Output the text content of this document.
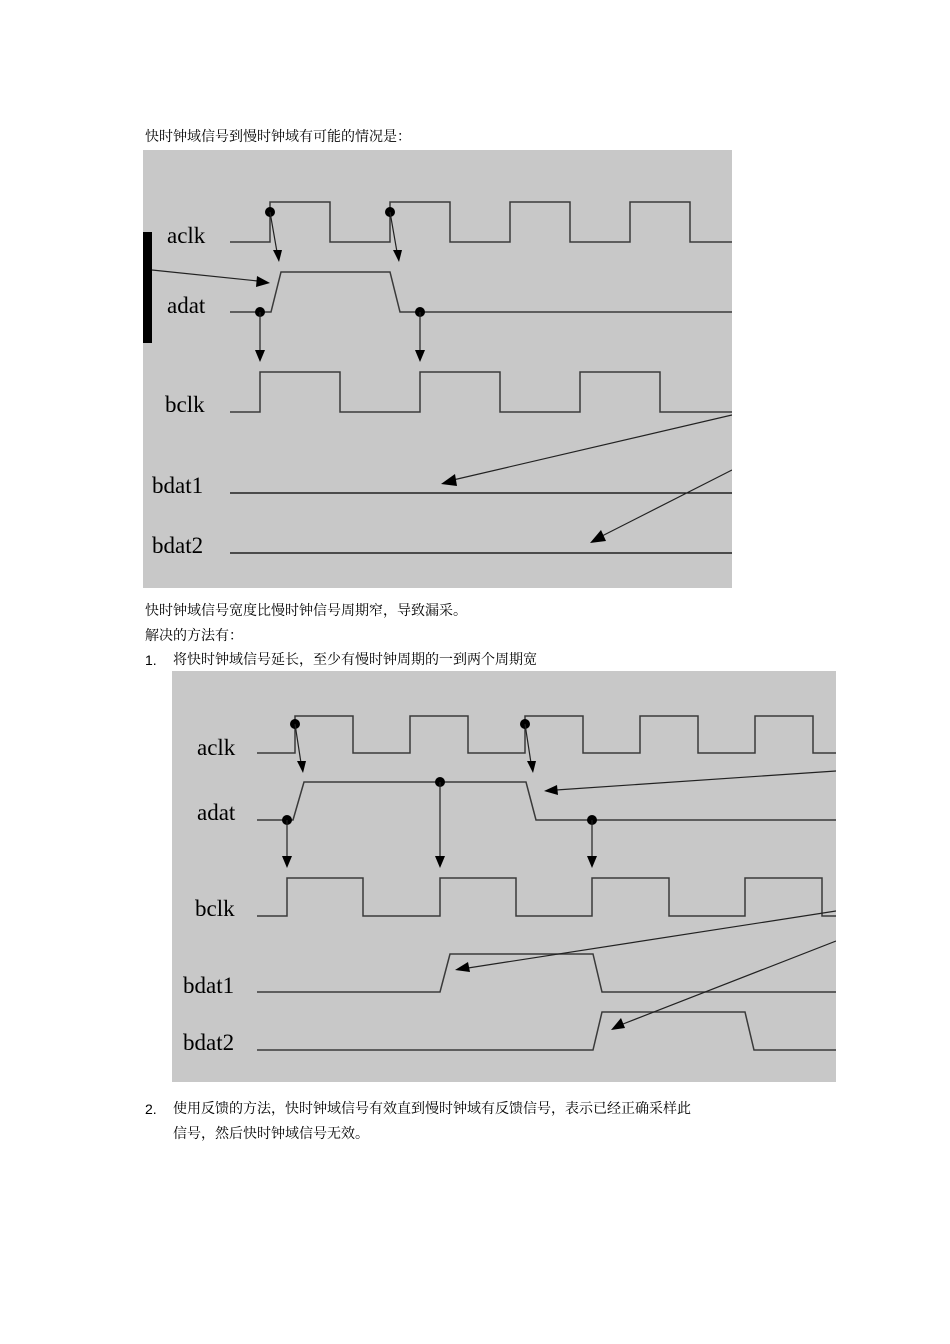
快时钟域信号到慢时钟域有可能的情况是：
aclk
adat
bclk
bdat1
bdat2
快时钟域信号宽度比慢时钟信号周期窄，导致漏采。
解决的方法有：
1. 将快时钟域信号延长，至少有慢时钟周期的一到两个周期宽
aclk
adat
bclk
bdat1
bdat2
2. 使用反馈的方法，快时钟域信号有效直到慢时钟域有反馈信号，表示已经正确采样此
信号，然后快时钟域信号无效。
